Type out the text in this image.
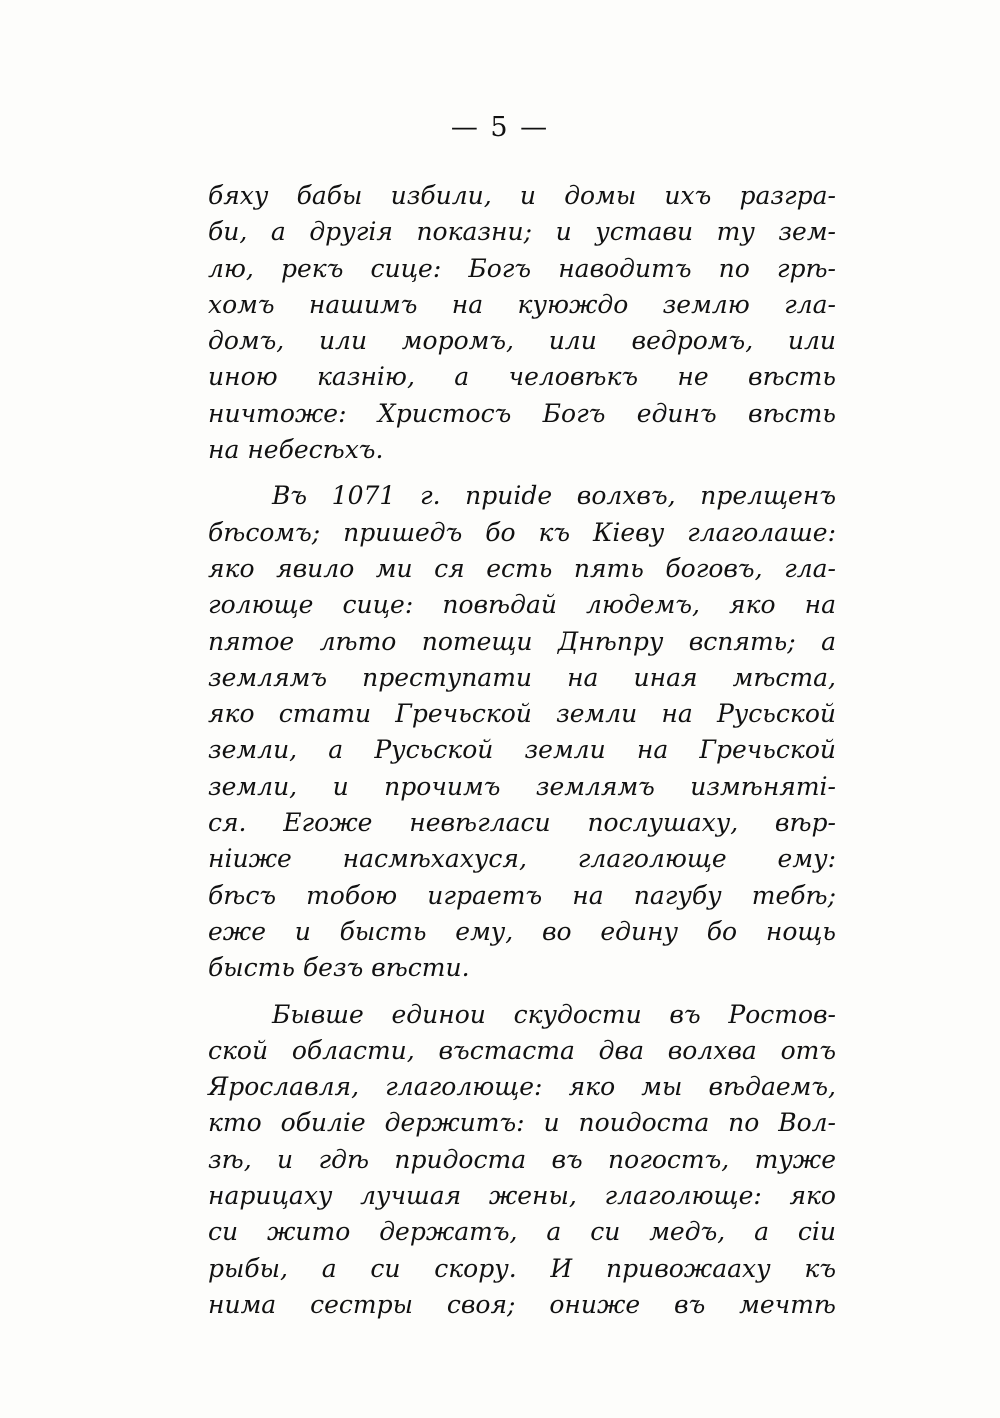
— 5 —
бяху бабы избили, и домы ихъ разгра-
би, а другія показни; и устави ту зем-
лю, рекъ сице: Богъ наводитъ по грѣ-
хомъ нашимъ на куюждо землю гла-
домъ, или моромъ, или ведромъ, или
иною казнію, а человѣкъ не вѣсть
ничтоже: Христосъ Богъ единъ вѣсть
на небесѣхъ.
Въ 1071 г. приide волхвъ, прелщенъ
бѣсомъ; пришедъ бо къ Кіеву глаголаше:
яко явило ми ся есть пять боговъ, гла-
голюще сице: повѣдай людемъ, яко на
пятое лѣто потещи Днѣпру вспять; а
землямъ преступати на иная мѣста,
яко стати Гречьской земли на Русьской
земли, а Русьской земли на Гречьской
земли, и прочимъ землямъ измѣнятi-
ся. Егоже невѣгласи послушаху, вѣр-
ніиже насмѣхахуся, глаголюще ему:
бѣсъ тобою играетъ на пагубу тебѣ;
еже и бысть ему, во едину бо нощь
бысть безъ вѣсти.
Бывше единои скудости въ Ростов-
ской области, въстаста два волхва отъ
Ярославля, глаголюще: яко мы вѣдаемъ,
кто обиліе держитъ: и поидоста по Вол-
зѣ, и гдѣ придоста въ погостъ, туже
нарицаху лучшая жены, глаголюще: яко
си жито держатъ, а си медъ, а сіи
рыбы, а си скору. И привожааху къ
нима сестры своя; ониже въ мечтѣ
